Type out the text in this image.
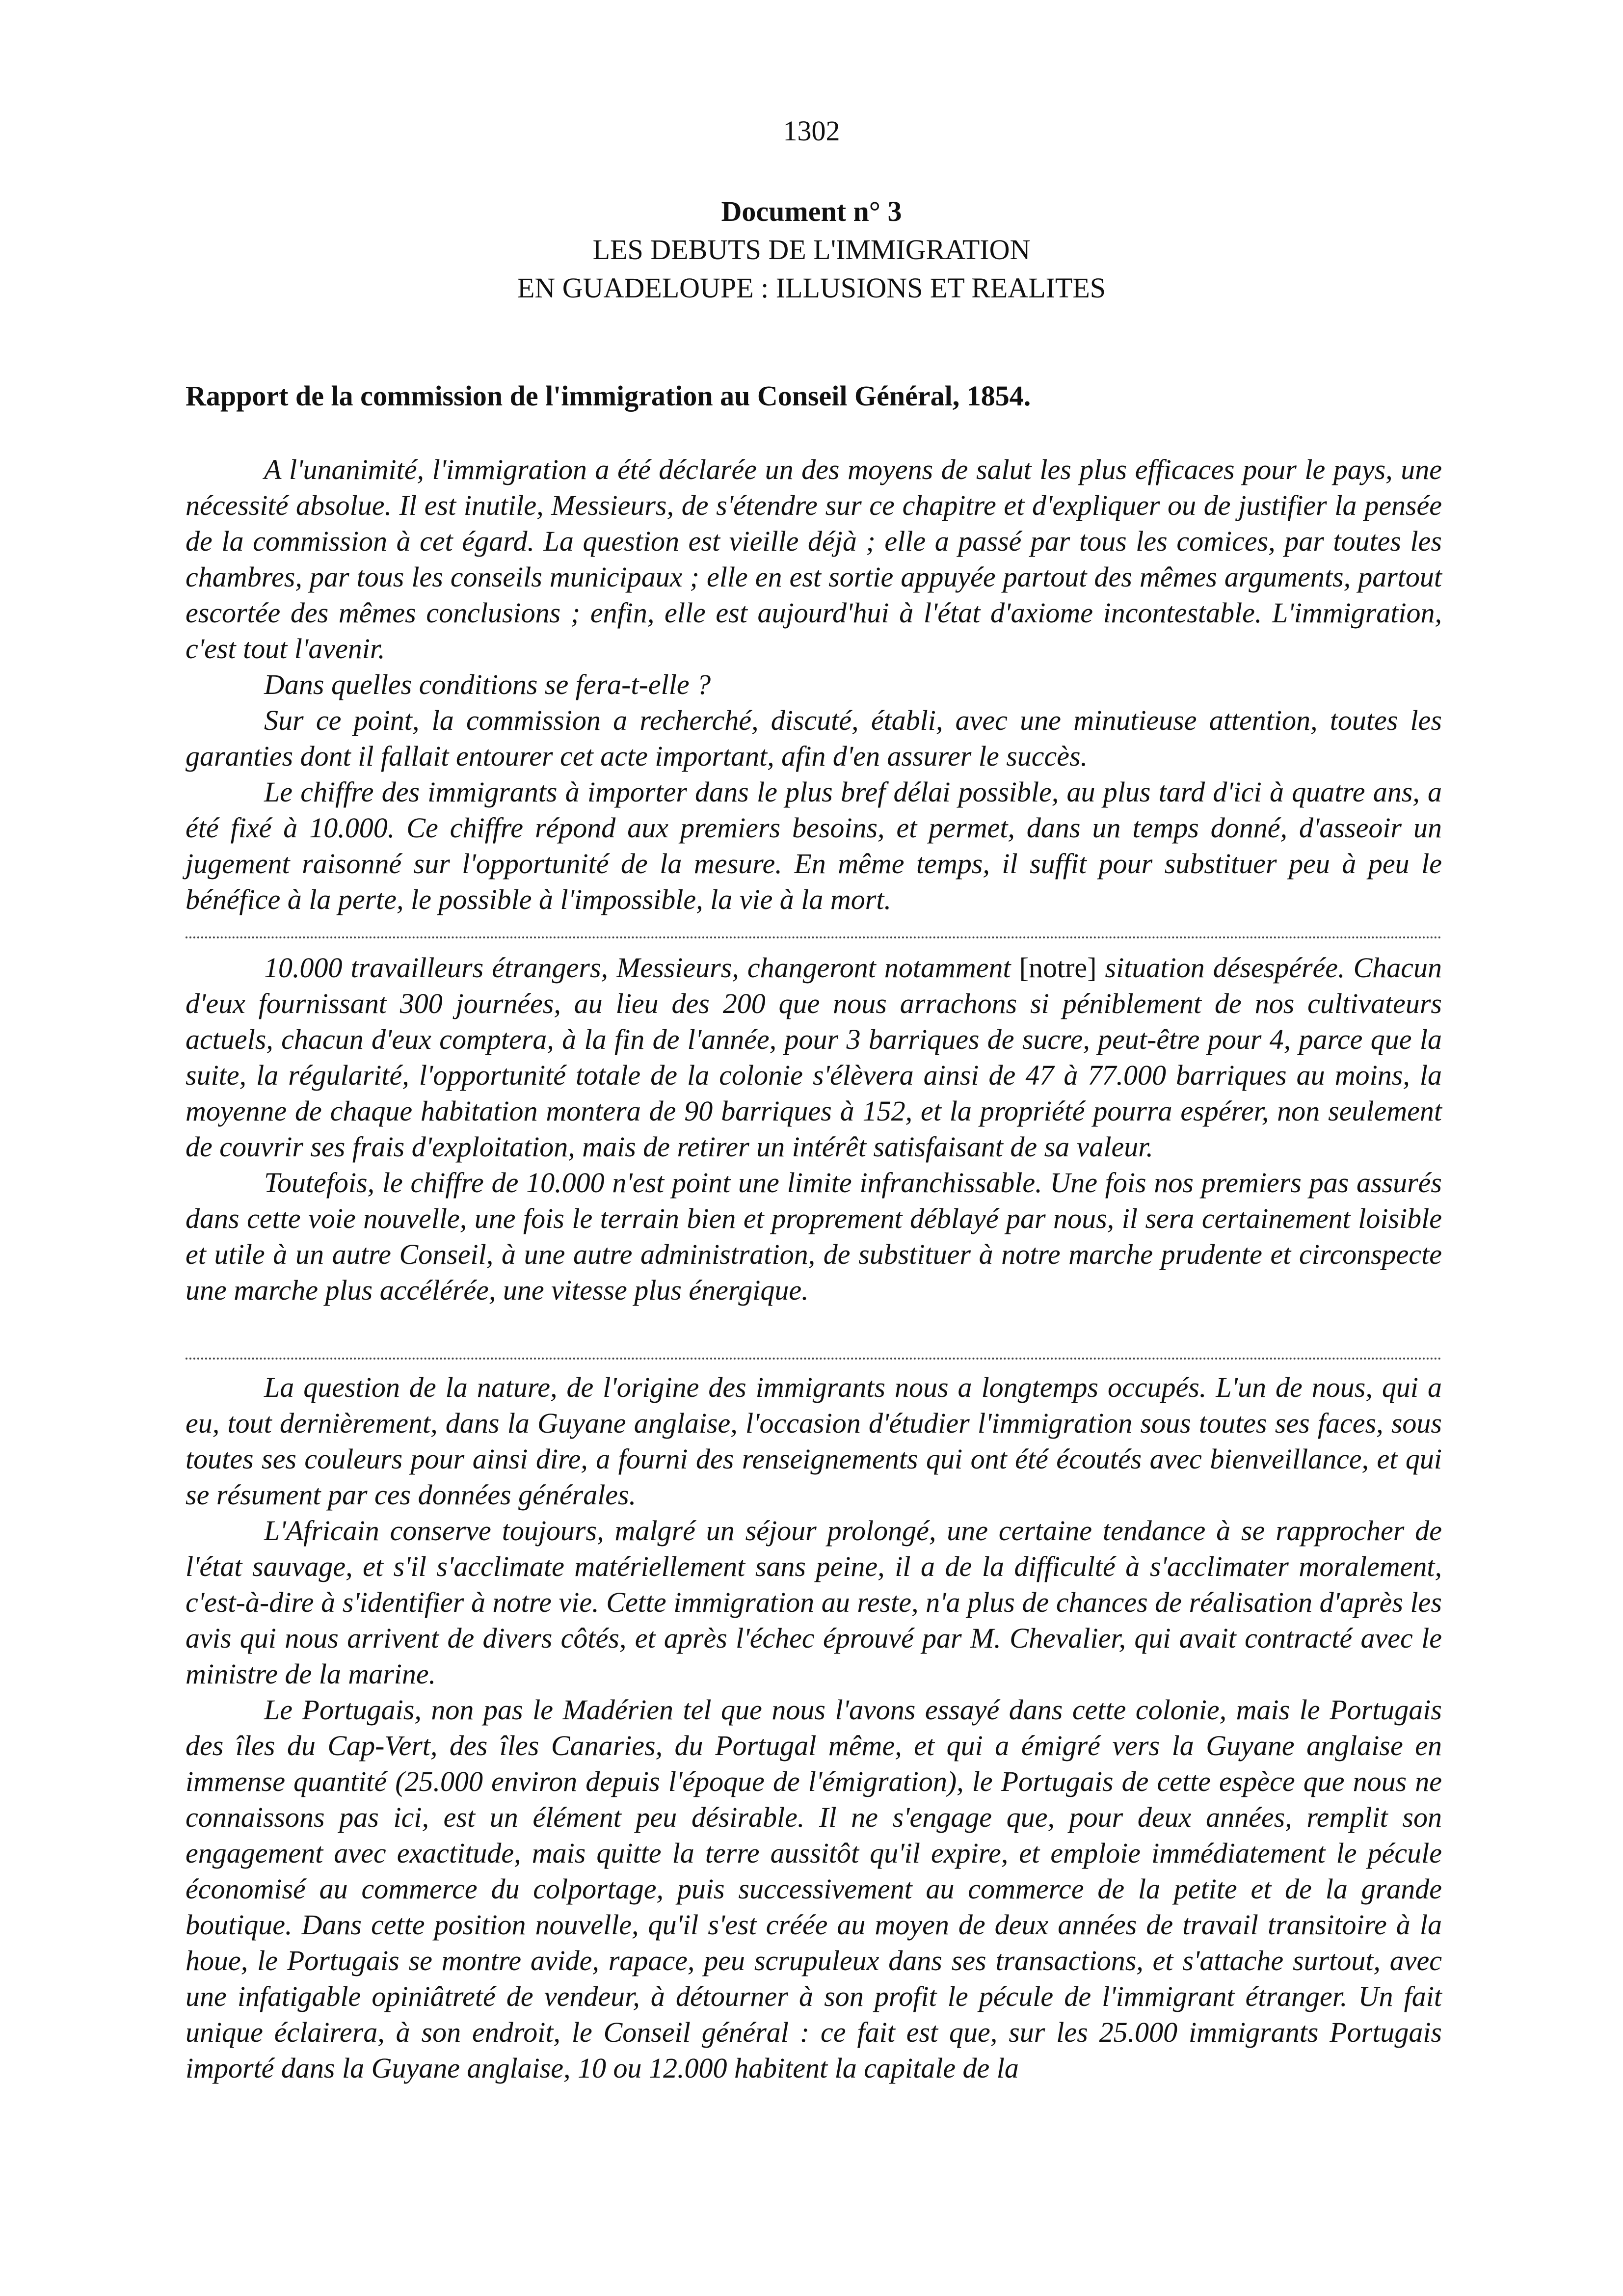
1302
Document n° 3
LES DEBUTS DE L'IMMIGRATION
EN GUADELOUPE : ILLUSIONS ET REALITES
Rapport de la commission de l'immigration au Conseil Général, 1854.

A l'unanimité, l'immigration a été déclarée un des moyens de salut les plus efficaces pour le pays, une nécessité absolue. Il est inutile, Messieurs, de s'étendre sur ce chapitre et d'expliquer ou de justifier la pensée de la commission à cet égard. La question est vieille déjà ; elle a passé par tous les comices, par toutes les chambres, par tous les conseils municipaux ; elle en est sortie appuyée partout des mêmes arguments, partout escortée des mêmes conclusions ; enfin, elle est aujourd'hui à l'état d'axiome incontestable. L'immigration, c'est tout l'avenir.

Dans quelles conditions se fera-t-elle ?

Sur ce point, la commission a recherché, discuté, établi, avec une minutieuse attention, toutes les garanties dont il fallait entourer cet acte important, afin d'en assurer le succès.

Le chiffre des immigrants à importer dans le plus bref délai possible, au plus tard d'ici à quatre ans, a été fixé à 10.000. Ce chiffre répond aux premiers besoins, et permet, dans un temps donné, d'asseoir un jugement raisonné sur l'opportunité de la mesure. En même temps, il suffit pour substituer peu à peu le bénéfice à la perte, le possible à l'impossible, la vie à la mort.

10.000 travailleurs étrangers, Messieurs, changeront notamment [notre] situation désespérée. Chacun d'eux fournissant 300 journées, au lieu des 200 que nous arrachons si péniblement de nos cultivateurs actuels, chacun d'eux comptera, à la fin de l'année, pour 3 barriques de sucre, peut-être pour 4, parce que la suite, la régularité, l'opportunité totale de la colonie s'élèvera ainsi de 47 à 77.000 barriques au moins, la moyenne de chaque habitation montera de 90 barriques à 152, et la propriété pourra espérer, non seulement de couvrir ses frais d'exploitation, mais de retirer un intérêt satisfaisant de sa valeur.

Toutefois, le chiffre de 10.000 n'est point une limite infranchissable. Une fois nos premiers pas assurés dans cette voie nouvelle, une fois le terrain bien et proprement déblayé par nous, il sera certainement loisible et utile à un autre Conseil, à une autre administration, de substituer à notre marche prudente et circonspecte une marche plus accélérée, une vitesse plus énergique.

La question de la nature, de l'origine des immigrants nous a longtemps occupés. L'un de nous, qui a eu, tout dernièrement, dans la Guyane anglaise, l'occasion d'étudier l'immigration sous toutes ses faces, sous toutes ses couleurs pour ainsi dire, a fourni des renseignements qui ont été écoutés avec bienveillance, et qui se résument par ces données générales.

L'Africain conserve toujours, malgré un séjour prolongé, une certaine tendance à se rapprocher de l'état sauvage, et s'il s'acclimate matériellement sans peine, il a de la difficulté à s'acclimater moralement, c'est-à-dire à s'identifier à notre vie. Cette immigration au reste, n'a plus de chances de réalisation d'après les avis qui nous arrivent de divers côtés, et après l'échec éprouvé par M. Chevalier, qui avait contracté avec le ministre de la marine.

Le Portugais, non pas le Madérien tel que nous l'avons essayé dans cette colonie, mais le Portugais des îles du Cap-Vert, des îles Canaries, du Portugal même, et qui a émigré vers la Guyane anglaise en immense quantité (25.000 environ depuis l'époque de l'émigration), le Portugais de cette espèce que nous ne connaissons pas ici, est un élément peu désirable. Il ne s'engage que, pour deux années, remplit son engagement avec exactitude, mais quitte la terre aussitôt qu'il expire, et emploie immédiatement le pécule économisé au commerce du colportage, puis successivement au commerce de la petite et de la grande boutique. Dans cette position nouvelle, qu'il s'est créée au moyen de deux années de travail transitoire à la houe, le Portugais se montre avide, rapace, peu scrupuleux dans ses transactions, et s'attache surtout, avec une infatigable opiniâtreté de vendeur, à détourner à son profit le pécule de l'immigrant étranger. Un fait unique éclairera, à son endroit, le Conseil général : ce fait est que, sur les 25.000 immigrants Portugais importé dans la Guyane anglaise, 10 ou 12.000 habitent la capitale de la
